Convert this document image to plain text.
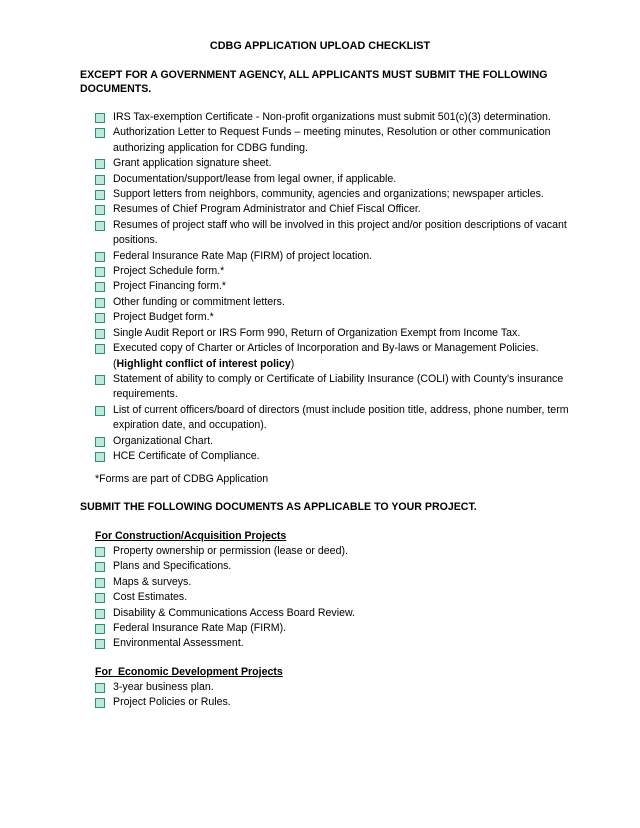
CDBG APPLICATION UPLOAD CHECKLIST
EXCEPT FOR A GOVERNMENT AGENCY, ALL APPLICANTS MUST SUBMIT THE FOLLOWING DOCUMENTS.
IRS Tax-exemption Certificate - Non-profit organizations must submit 501(c)(3) determination.
Authorization Letter to Request Funds – meeting minutes, Resolution or other communication authorizing application for CDBG funding.
Grant application signature sheet.
Documentation/support/lease from legal owner, if applicable.
Support letters from neighbors, community, agencies and organizations; newspaper articles.
Resumes of Chief Program Administrator and Chief Fiscal Officer.
Resumes of project staff who will be involved in this project and/or position descriptions of vacant positions.
Federal Insurance Rate Map (FIRM) of project location.
Project Schedule form.*
Project Financing form.*
Other funding or commitment letters.
Project Budget form.*
Single Audit Report or IRS Form 990, Return of Organization Exempt from Income Tax.
Executed copy of Charter or Articles of Incorporation and By-laws or Management Policies.
(Highlight conflict of interest policy)
Statement of ability to comply or Certificate of Liability Insurance (COLI) with County’s insurance requirements.
List of current officers/board of directors (must include position title, address, phone number, term expiration date, and occupation).
Organizational Chart.
HCE Certificate of Compliance.
*Forms are part of CDBG Application
SUBMIT THE FOLLOWING DOCUMENTS AS APPLICABLE TO YOUR PROJECT.
For Construction/Acquisition Projects
Property ownership or permission (lease or deed).
Plans and Specifications.
Maps & surveys.
Cost Estimates.
Disability & Communications Access Board Review.
Federal Insurance Rate Map (FIRM).
Environmental Assessment.
For  Economic Development Projects
3-year business plan.
Project Policies or Rules.
